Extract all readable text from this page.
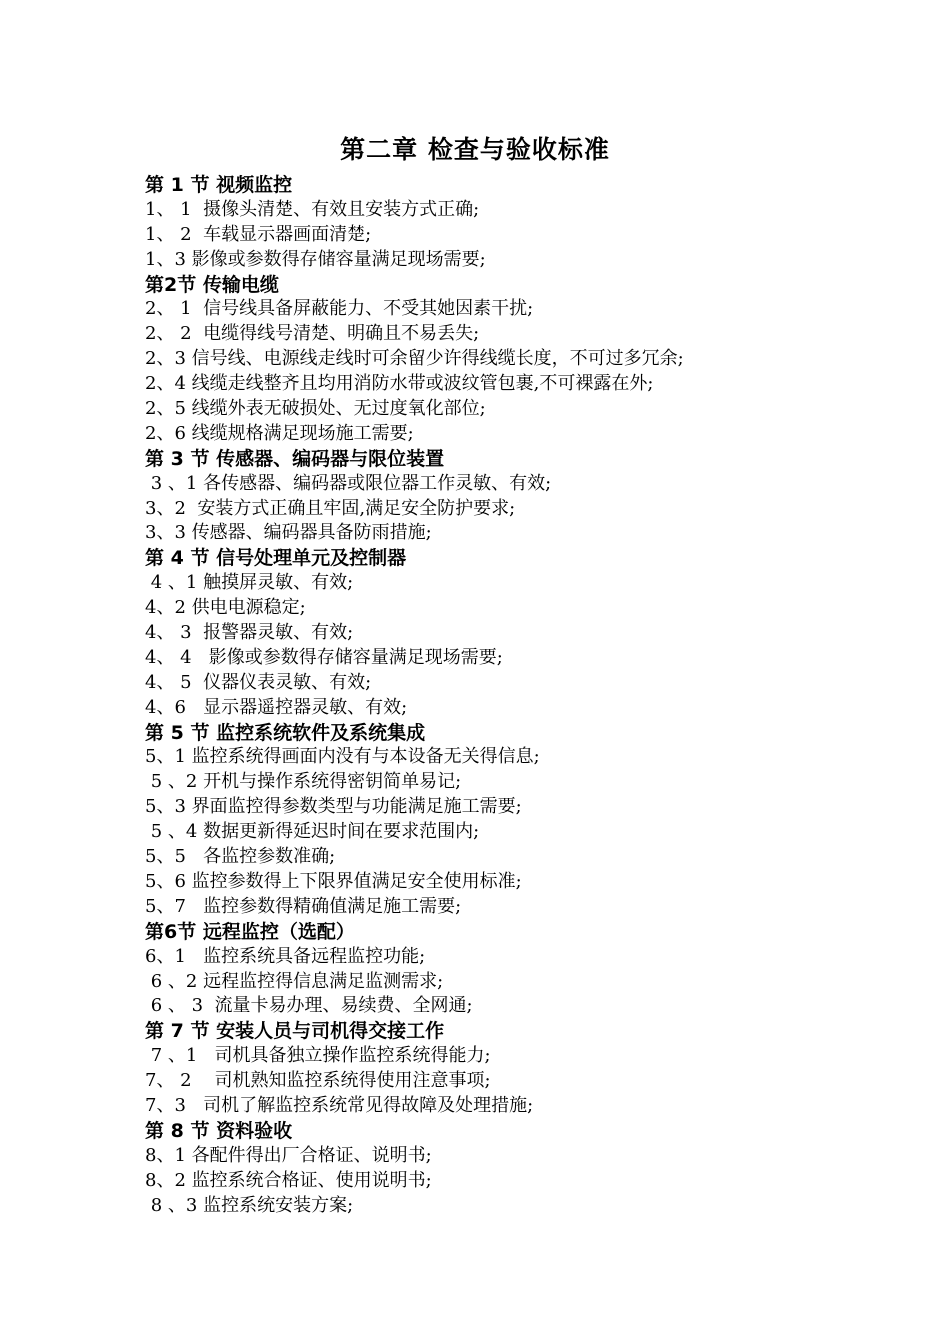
第二章 检查与验收标准
第 1 节 视频监控
1、 1  摄像头清楚、有效且安装方式正确;
1、 2  车载显示器画面清楚;
1、3 影像或参数得存储容量满足现场需要;
第2节 传输电缆
2、 1  信号线具备屏蔽能力、不受其她因素干扰;
2、 2  电缆得线号清楚、明确且不易丢失;
2、3 信号线、电源线走线时可余留少许得线缆长度，不可过多冗余;
2、4 线缆走线整齐且均用消防水带或波纹管包裹,不可裸露在外;
2、5 线缆外表无破损处、无过度氧化部位;
2、6 线缆规格满足现场施工需要;
第 3 节 传感器、编码器与限位装置
3 、1 各传感器、编码器或限位器工作灵敏、有效;
3、2  安装方式正确且牢固,满足安全防护要求;
3、3 传感器、编码器具备防雨措施;
第 4 节 信号处理单元及控制器
4 、1 触摸屏灵敏、有效;
4、2 供电电源稳定;
4、 3  报警器灵敏、有效;
4、 4   影像或参数得存储容量满足现场需要;
4、 5  仪器仪表灵敏、有效;
4、6   显示器遥控器灵敏、有效;
第 5 节 监控系统软件及系统集成
5、1 监控系统得画面内没有与本设备无关得信息;
5 、2 开机与操作系统得密钥简单易记;
5、3 界面监控得参数类型与功能满足施工需要;
5 、4 数据更新得延迟时间在要求范围内;
5、5   各监控参数准确;
5、6 监控参数得上下限界值满足安全使用标准;
5、7   监控参数得精确值满足施工需要;
第6节 远程监控（选配）
6、1   监控系统具备远程监控功能;
6 、2 远程监控得信息满足监测需求;
6 、 3  流量卡易办理、易续费、全网通;
第 7 节 安装人员与司机得交接工作
7 、1   司机具备独立操作监控系统得能力;
7、 2    司机熟知监控系统得使用注意事项;
7、3   司机了解监控系统常见得故障及处理措施;
第 8 节 资料验收
8、1 各配件得出厂合格证、说明书;
8、2 监控系统合格证、使用说明书;
8 、3 监控系统安装方案;
